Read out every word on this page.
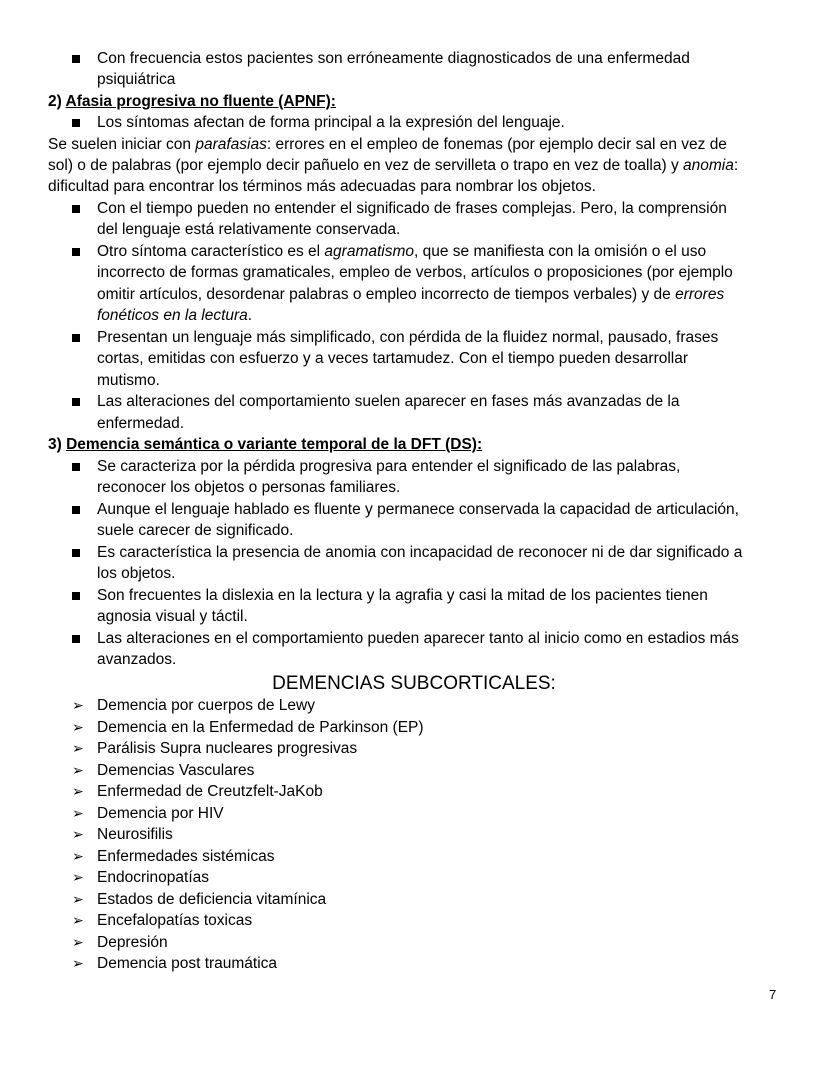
Con frecuencia estos pacientes son erróneamente diagnosticados de una enfermedad
psiquiátrica
2) Afasia progresiva no fluente (APNF):
Los síntomas afectan de forma principal a la expresión del lenguaje.
Se suelen iniciar con parafasias: errores en el empleo de fonemas (por ejemplo decir sal en vez de
sol) o de palabras (por ejemplo decir pañuelo en vez de servilleta o trapo en vez de toalla) y anomia:
dificultad para encontrar los términos más adecuadas para nombrar los objetos.
Con el tiempo pueden no entender el significado de frases complejas. Pero, la comprensión
del lenguaje está relativamente conservada.
Otro síntoma característico es el agramatismo, que se manifiesta con la omisión o el uso
incorrecto de formas gramaticales, empleo de verbos, artículos o proposiciones (por ejemplo
omitir artículos, desordenar palabras o empleo incorrecto de tiempos verbales) y de errores
fonéticos en la lectura.
Presentan un lenguaje más simplificado, con pérdida de la fluidez normal, pausado, frases
cortas, emitidas con esfuerzo y a veces tartamudez. Con el tiempo pueden desarrollar
mutismo.
Las alteraciones del comportamiento suelen aparecer en fases más avanzadas de la
enfermedad.
3) Demencia semántica o variante temporal de la DFT (DS):
Se caracteriza por la pérdida progresiva para entender el significado de las palabras,
reconocer los objetos o personas familiares.
Aunque el lenguaje hablado es fluente y permanece conservada la capacidad de articulación,
suele carecer de significado.
Es característica la presencia de anomia con incapacidad de reconocer ni de dar significado a
los objetos.
Son frecuentes la dislexia en la lectura y la agrafia y casi la mitad de los pacientes tienen
agnosia visual y táctil.
Las alteraciones en el comportamiento pueden aparecer tanto al inicio como en estadios más
avanzados.
DEMENCIAS SUBCORTICALES:
➢ Demencia por cuerpos de Lewy
➢ Demencia en la Enfermedad de Parkinson (EP)
➢ Parálisis Supra nucleares progresivas
➢ Demencias Vasculares
➢ Enfermedad de Creutzfelt-JaKob
➢ Demencia por HIV
➢ Neurosifilis
➢ Enfermedades sistémicas
➢ Endocrinopatías
➢ Estados de deficiencia vitamínica
➢ Encefalopatías toxicas
➢ Depresión
➢ Demencia post traumática
7
